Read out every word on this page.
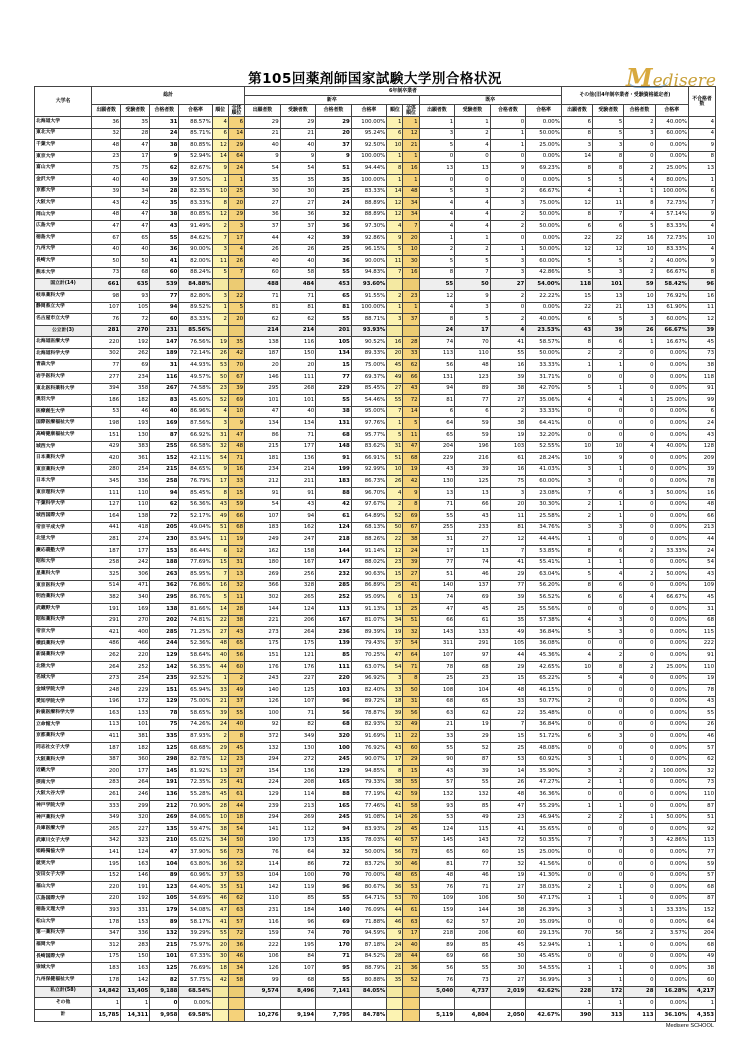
第105回薬剤師国家試験大学別合格状況	Medisere
大学名	総計						6年制卒業者										その他(旧4年制卒業者・受験資格認定者)				不合格者数
							新卒						既卒								
	出願者数	受験者数	合格者数	合格率	順位	全体順位	出願者数	受験者数	合格者数	合格率	順位	全体順位	出願者数	受験者数	合格者数	合格率	出願者数	受験者数	合格者数	合格率	

北海道大学	36	35	31	88.57%	4	6	29	29	29	100.00%	1	1	1	1	0	0.00%	6	5	2	40.00%	4
東北大学	32	28	24	85.71%	6	14	21	21	20	95.24%	6	12	3	2	1	50.00%	8	5	3	60.00%	4
千葉大学	48	47	38	80.85%	12	29	40	40	37	92.50%	10	21	5	4	1	25.00%	3	3	0	0.00%	9
東京大学	23	17	9	52.94%	14	64	9	9	9	100.00%	1	1	0	0	0	0.00%	14	8	0	0.00%	8
富山大学	75	75	62	82.67%	9	24	54	54	51	94.44%	8	16	13	13	9	69.23%	8	8	2	25.00%	13
金沢大学	40	40	39	97.50%	1	1	35	35	35	100.00%	1	1	0	0	0	0.00%	5	5	4	80.00%	1
京都大学	39	34	28	82.35%	10	25	30	30	25	83.33%	14	48	5	3	2	66.67%	4	1	1	100.00%	6
大阪大学	43	42	35	83.33%	8	20	27	27	24	88.89%	12	34	4	4	3	75.00%	12	11	8	72.73%	7
岡山大学	48	47	38	80.85%	12	29	36	36	32	88.89%	12	34	4	4	2	50.00%	8	7	4	57.14%	9
広島大学	47	47	43	91.49%	2	3	37	37	36	97.30%	4	7	4	4	2	50.00%	6	6	5	83.33%	4
徳島大学	67	65	55	84.62%	7	17	44	42	39	92.86%	9	20	1	1	0	0.00%	22	22	16	72.73%	10
九州大学	40	40	36	90.00%	3	4	26	26	25	96.15%	5	10	2	2	1	50.00%	12	12	10	83.33%	4
長崎大学	50	50	41	82.00%	11	26	40	40	36	90.00%	11	30	5	5	3	60.00%	5	5	2	40.00%	9
熊本大学	73	68	60	88.24%	5	7	60	58	55	94.83%	7	16	8	7	3	42.86%	5	3	2	66.67%	8
国立計(14)	661	635	539	84.88%			488	484	453	93.60%			55	50	27	54.00%	118	101	59	58.42%	96
岐阜薬科大学	98	93	77	82.80%	3	22	71	71	65	91.55%	2	23	12	9	2	22.22%	15	13	10	76.92%	16
静岡県立大学	107	105	94	89.52%	1	5	81	81	81	100.00%	1	1	4	3	0	0.00%	22	21	13	61.90%	11
名古屋市立大学	76	72	60	83.33%	2	20	62	62	55	88.71%	3	37	8	5	2	40.00%	6	5	3	60.00%	12
公立計(3)	281	270	231	85.56%			214	214	201	93.93%			24	17	4	23.53%	43	39	26	66.67%	39
北海道医療大学	220	192	147	76.56%	19	35	138	116	105	90.52%	16	28	74	70	41	58.57%	8	6	1	16.67%	45
北海道科学大学	302	262	189	72.14%	26	42	187	150	134	89.33%	20	33	113	110	55	50.00%	2	2	0	0.00%	73
青森大学	77	69	31	44.93%	53	70	20	20	15	75.00%	45	62	56	48	16	33.33%	1	1	0	0.00%	38
岩手医科大学	277	234	116	49.57%	50	67	146	111	77	69.37%	49	66	131	123	39	31.71%	0	0	0	0.00%	118
東北医科薬科大学	394	358	267	74.58%	23	39	295	268	229	85.45%	27	43	94	89	38	42.70%	5	1	0	0.00%	91
奥羽大学	186	182	83	45.60%	52	69	101	101	55	54.46%	55	72	81	77	27	35.06%	4	4	1	25.00%	99
医療創生大学	53	46	40	86.96%	4	10	47	40	38	95.00%	7	14	6	6	2	33.33%	0	0	0	0.00%	6
国際医療福祉大学	198	193	169	87.56%	3	9	134	134	131	97.76%	1	5	64	59	38	64.41%	0	0	0	0.00%	24
高崎健康福祉大学	151	130	87	66.92%	31	47	86	71	68	95.77%	5	11	65	59	19	32.20%	0	0	0	0.00%	43
城西大学	429	383	255	66.58%	32	48	215	177	148	83.62%	31	47	204	196	103	52.55%	10	10	4	40.00%	128
日本薬科大学	420	361	152	42.11%	54	71	181	136	91	66.91%	51	68	229	216	61	28.24%	10	9	0	0.00%	209
東京薬科大学	280	254	215	84.65%	9	16	234	214	199	92.99%	10	19	43	39	16	41.03%	3	1	0	0.00%	39
日本大学	345	336	258	76.79%	17	33	212	211	183	86.73%	26	42	130	125	75	60.00%	3	0	0	0.00%	78
東京理科大学	111	110	94	85.45%	8	15	91	91	88	96.70%	4	9	13	13	3	23.08%	7	6	3	50.00%	16
千葉科学大学	127	110	62	56.36%	43	59	54	43	42	97.67%	2	8	71	66	20	30.30%	2	1	0	0.00%	48
城西国際大学	164	138	72	52.17%	49	66	107	94	61	64.89%	52	69	55	43	11	25.58%	2	1	0	0.00%	66
帝京平成大学	441	418	205	49.04%	51	68	183	162	124	68.13%	50	67	255	233	81	34.76%	3	3	0	0.00%	213
北里大学	281	274	230	83.94%	11	19	249	247	218	88.26%	22	38	31	27	12	44.44%	1	0	0	0.00%	44
慶応義塾大学	187	177	153	86.44%	6	12	162	158	144	91.14%	12	24	17	13	7	53.85%	8	6	2	33.33%	24
昭和大学	258	242	188	77.69%	15	31	180	167	147	88.02%	23	39	77	74	41	55.41%	1	1	0	0.00%	54
星薬科大学	325	306	263	85.95%	7	13	269	256	232	90.63%	15	27	51	46	29	63.04%	5	4	2	50.00%	43
東京医科大学	514	471	362	76.86%	16	32	366	328	285	86.89%	25	41	140	137	77	56.20%	8	6	0	0.00%	109
明治薬科大学	382	340	295	86.76%	5	11	302	265	252	95.09%	6	13	74	69	39	56.52%	6	6	4	66.67%	45
武蔵野大学	191	169	138	81.66%	14	28	144	124	113	91.13%	13	25	47	45	25	55.56%	0	0	0	0.00%	31
昭和薬科大学	291	270	202	74.81%	22	38	221	206	167	81.07%	34	51	66	61	35	57.38%	4	3	0	0.00%	68
帝京大学	421	400	285	71.25%	27	43	273	264	236	89.39%	19	32	143	133	49	36.84%	5	3	0	0.00%	115
横浜薬科大学	486	466	244	52.36%	48	65	175	175	139	79.43%	37	54	311	291	105	36.08%	0	0	0	0.00%	222
新潟薬科大学	262	220	129	58.64%	40	56	151	121	85	70.25%	47	64	107	97	44	45.36%	4	2	0	0.00%	91
北陸大学	264	252	142	56.35%	44	60	176	176	111	63.07%	54	71	78	68	29	42.65%	10	8	2	25.00%	110
名城大学	273	254	235	92.52%	1	2	243	227	220	96.92%	3	8	25	23	15	65.22%	5	4	0	0.00%	19
金城学院大学	248	229	151	65.94%	33	49	140	125	103	82.40%	33	50	108	104	48	46.15%	0	0	0	0.00%	78
愛知学院大学	196	172	129	75.00%	21	37	126	107	96	89.72%	18	31	68	65	33	50.77%	2	0	0	0.00%	43
鈴鹿医療科学大学	163	133	78	58.65%	39	55	100	71	56	78.87%	39	56	63	62	22	35.48%	0	0	0	0.00%	55
立命館大学	113	101	75	74.26%	24	40	92	82	68	82.93%	32	49	21	19	7	36.84%	0	0	0	0.00%	26
京都薬科大学	411	381	335	87.93%	2	8	372	349	320	91.69%	11	22	33	29	15	51.72%	6	3	0	0.00%	46
同志社女子大学	187	182	125	68.68%	29	45	132	130	100	76.92%	43	60	55	52	25	48.08%	0	0	0	0.00%	57
大阪薬科大学	387	360	298	82.78%	12	23	294	272	245	90.07%	17	29	90	87	53	60.92%	3	1	0	0.00%	62
近畿大学	200	177	145	81.92%	13	27	154	136	129	94.85%	8	15	43	39	14	35.90%	3	2	2	100.00%	32
摂南大学	283	264	191	72.35%	25	41	224	208	165	79.33%	38	55	57	55	26	47.27%	2	1	0	0.00%	73
大阪大谷大学	261	246	136	55.28%	45	61	129	114	88	77.19%	42	59	132	132	48	36.36%	0	0	0	0.00%	110
神戸学院大学	333	299	212	70.90%	28	44	239	213	165	77.46%	41	58	93	85	47	55.29%	1	1	0	0.00%	87
神戸薬科大学	349	320	269	84.06%	10	18	294	269	245	91.08%	14	26	53	49	23	46.94%	2	2	1	50.00%	51
兵庫医療大学	265	227	135	59.47%	38	54	141	112	94	83.93%	29	45	124	115	41	35.65%	0	0	0	0.00%	92
武庫川女子大学	342	323	210	65.02%	34	50	190	173	135	78.03%	40	57	145	143	72	50.35%	7	7	3	42.86%	113
姫路獨協大学	141	124	47	37.90%	56	73	76	64	32	50.00%	56	73	65	60	15	25.00%	0	0	0	0.00%	77
就実大学	195	163	104	63.80%	36	52	114	86	72	83.72%	30	46	81	77	32	41.56%	0	0	0	0.00%	59
安田女子大学	152	146	89	60.96%	37	53	104	100	70	70.00%	48	65	48	46	19	41.30%	0	0	0	0.00%	57
福山大学	220	191	123	64.40%	35	51	142	119	96	80.67%	36	53	76	71	27	38.03%	2	1	0	0.00%	68
広島国際大学	220	192	105	54.69%	46	62	110	85	55	64.71%	53	70	109	106	50	47.17%	1	1	0	0.00%	87
徳島文理大学	393	331	179	54.08%	47	63	231	184	140	76.09%	44	61	159	144	38	26.39%	3	3	1	33.33%	152
松山大学	178	153	89	58.17%	41	57	116	96	69	71.88%	46	63	62	57	20	35.09%	0	0	0	0.00%	64
第一薬科大学	347	336	132	39.29%	55	72	159	74	70	94.59%	9	17	218	206	60	29.13%	70	56	2	3.57%	204
福岡大学	312	283	215	75.97%	20	36	222	195	170	87.18%	24	40	89	85	45	52.94%	1	1	0	0.00%	68
長崎国際大学	175	150	101	67.33%	30	46	106	84	71	84.52%	28	44	69	66	30	45.45%	0	0	0	0.00%	49
崇城大学	183	163	125	76.69%	18	34	126	107	95	88.79%	21	36	56	55	30	54.55%	1	1	0	0.00%	38
九州保健福祉大学	178	142	82	57.75%	42	58	99	68	55	80.88%	35	52	76	73	27	36.99%	3	1	0	0.00%	60
私立計(58)	14,842	13,405	9,188	68.54%			9,574	8,496	7,141	84.05%			5,040	4,737	2,019	42.62%	228	172	28	16.28%	4,217
その他	1	1	0	0.00%													1	1	0	0.00%	1
計	15,785	14,311	9,958	69.58%			10,276	9,194	7,795	84.78%			5,119	4,804	2,050	42.67%	390	313	113	36.10%	4,353
Medisere SCHOOL
